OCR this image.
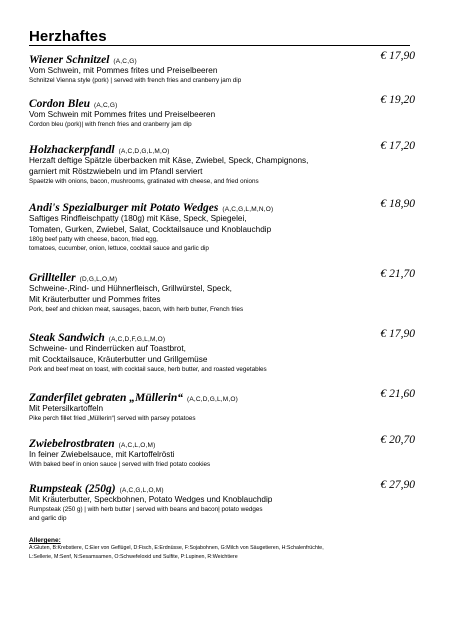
Herzhaftes
Wiener Schnitzel (A,C,G)	€ 17,90
Vom Schwein, mit Pommes frites und Preiselbeeren
Schnitzel Vienna style (pork) | served with french fries and cranberry jam dip
Cordon Bleu (A,C,G)	€ 19,20
Vom Schwein mit Pommes frites und Preiselbeeren
Cordon bleu (pork)| with french fries and cranberry jam dip
Holzhackerpfandl (A,C,D,G,L,M,O)	€ 17,20
Herzaft deftige Spätzle überbacken mit Käse, Zwiebel, Speck, Champignons,
garniert mit Röstzwiebeln und im Pfandl serviert
Spaetzle with onions, bacon, mushrooms, gratinated with cheese, and fried onions
Andi's Spezialburger mit Potato Wedges (A,C,G,L,M,N,O)	€ 18,90
Saftiges Rindfleischpatty (180g) mit Käse, Speck, Spiegelei,
Tomaten, Gurken, Zwiebel, Salat, Cocktailsauce und Knoblauchdip
180g beef patty with cheese, bacon, fried egg,
tomatoes, cucumber, onion, lettuce, cocktail sauce and garlic dip
Grillteller (D,G,L,O,M)	€ 21,70
Schweine-,Rind- und Hühnerfleisch, Grillwürstel, Speck,
Mit Kräuterbutter und Pommes frites
Pork, beef and chicken meat, sausages, bacon, with herb butter, French fries
Steak Sandwich (A,C,D,F,G,L,M,O)	€ 17,90
Schweine- und Rinderrücken auf Toastbrot,
mit Cocktailsauce, Kräuterbutter und Grillgemüse
Pork and beef meat on toast, with cocktail sauce, herb butter, and roasted vegetables
Zanderfilet gebraten „Müllerin“ (A,C,D,G,L,M,O)	€ 21,60
Mit Petersilkartoffeln
Pike perch fillet fried „Müllerin“| served with parsey potatoes
Zwiebelrostbraten (A,C,L,O,M)	€ 20,70
In feiner Zwiebelsauce, mit Kartoffelrösti
With baked beef in onion sauce | served with fried potato cookies
Rumpsteak (250g) (A,C,G,L,O,M)	€ 27,90
Mit Kräuterbutter, Speckbohnen, Potato Wedges und Knoblauchdip
Rumpsteak (250 g) | with herb butter | served with beans and bacon| potato wedges
and garlic dip
Allergene:
A:Gluten, B:Krebstiere, C:Eier von Geflügel, D:Fisch, E:Erdnüsse, F:Sojabohnen, G:Milch von Säugetieren, H:Schalenfrüchte,
L:Sellerie, M:Senf, N:Sesamsamen, O:Schwefeloxid und Sulfite, P:Lupinen, R:Weichtiere
